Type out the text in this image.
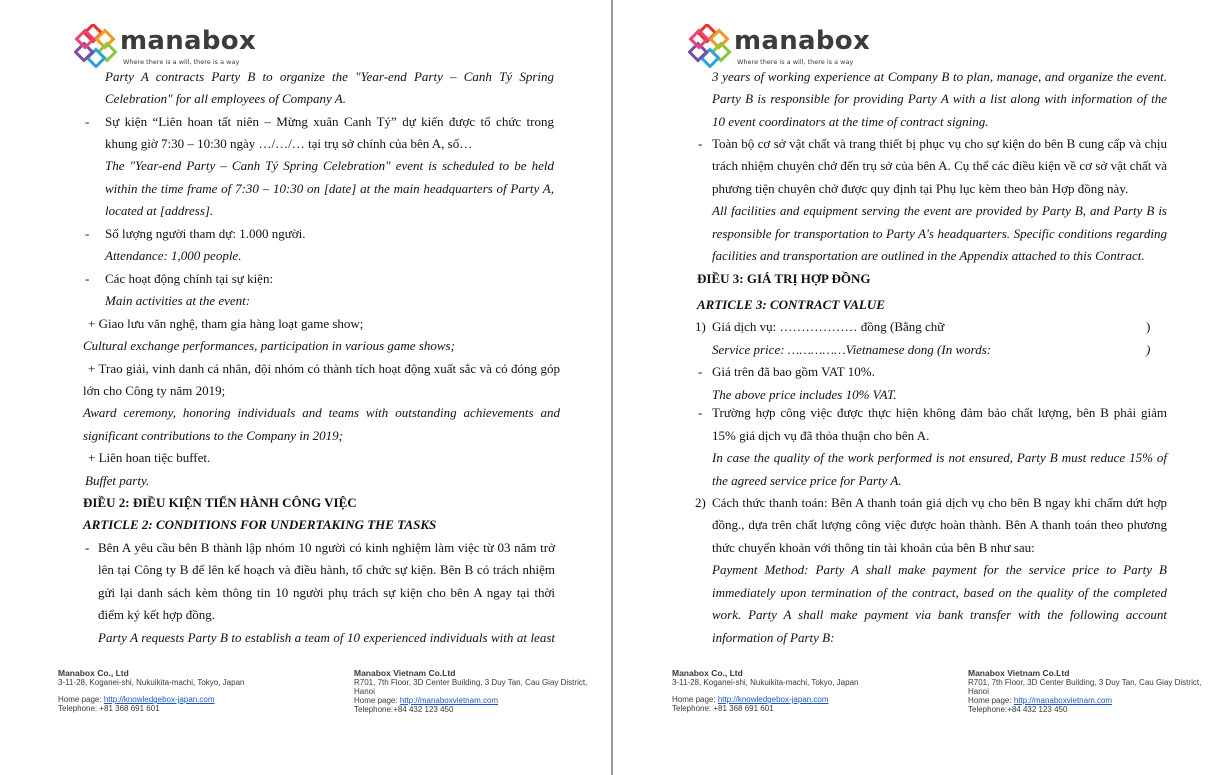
manabox
Where there is a will, there is a way
Party A contracts Party B to organize the "Year-end Party – Canh Tý Spring
Celebration" for all employees of Company A.
- Sự kiện “Liên hoan tất niên – Mừng xuân Canh Tý” dự kiến được tổ chức trong
khung giờ 7:30 – 10:30 ngày …/…/… tại trụ sở chính của bên A, số…
The "Year-end Party – Canh Tý Spring Celebration" event is scheduled to be held
within the time frame of 7:30 – 10:30 on [date] at the main headquarters of Party A,
located at [address].
- Số lượng người tham dự: 1.000 người.
Attendance: 1,000 people.
- Các hoạt động chính tại sự kiện:
Main activities at the event:
+ Giao lưu văn nghệ, tham gia hàng loạt game show;
Cultural exchange performances, participation in various game shows;
+ Trao giải, vinh danh cá nhân, đội nhóm có thành tích hoạt động xuất sắc và có đóng góp
lớn cho Công ty năm 2019;
Award ceremony, honoring individuals and teams with outstanding achievements and
significant contributions to the Company in 2019;
+ Liên hoan tiệc buffet.
Buffet party.
ĐIỀU 2: ĐIỀU KIỆN TIẾN HÀNH CÔNG VIỆC
ARTICLE 2: CONDITIONS FOR UNDERTAKING THE TASKS
- Bên A yêu cầu bên B thành lập nhóm 10 người có kinh nghiệm làm việc từ 03 năm trở
lên tại Công ty B để lên kế hoạch và điều hành, tổ chức sự kiện. Bên B có trách nhiệm
gửi lại danh sách kèm thông tin 10 người phụ trách sự kiện cho bên A ngay tại thời
điểm ký kết hợp đồng.
Party A requests Party B to establish a team of 10 experienced individuals with at least
Manabox Co., Ltd
3-11-28, Koganei-shi, Nukuikita-machi, Tokyo, Japan
Home page: http://knowledgebox-japan.com
Telephone: +81 368 691 601
Manabox Vietnam Co.Ltd
R701, 7th Floor, 3D Center Building, 3 Duy Tan, Cau Giay District,
Hanoi
Home page: http://manaboxvietnam.com
Telephone:+84 432 123 450
manabox
Where there is a will, there is a way
3 years of working experience at Company B to plan, manage, and organize the event.
Party B is responsible for providing Party A with a list along with information of the
10 event coordinators at the time of contract signing.
- Toàn bộ cơ sở vật chất và trang thiết bị phục vụ cho sự kiện do bên B cung cấp và chịu
trách nhiệm chuyên chở đến trụ sở của bên A. Cụ thể các điều kiện về cơ sở vật chất và
phương tiện chuyên chở được quy định tại Phụ lục kèm theo bản Hợp đồng này.
All facilities and equipment serving the event are provided by Party B, and Party B is
responsible for transportation to Party A's headquarters. Specific conditions regarding
facilities and transportation are outlined in the Appendix attached to this Contract.
ĐIỀU 3: GIÁ TRỊ HỢP ĐỒNG
ARTICLE 3: CONTRACT VALUE
1) Giá dịch vụ: ……………… đồng (Bằng chữ	)
Service price: ……………Vietnamese dong (In words:	)
- Giá trên đã bao gồm VAT 10%.
The above price includes 10% VAT.
- Trường hợp công việc được thực hiện không đảm bảo chất lượng, bên B phải giảm
15% giá dịch vụ đã thỏa thuận cho bên A.
In case the quality of the work performed is not ensured, Party B must reduce 15% of
the agreed service price for Party A.
2) Cách thức thanh toán: Bên A thanh toán giá dịch vụ cho bên B ngay khi chấm dứt hợp
đồng., dựa trên chất lượng công việc được hoàn thành. Bên A thanh toán theo phương
thức chuyển khoản với thông tin tài khoản của bên B như sau:
Payment Method: Party A shall make payment for the service price to Party B
immediately upon termination of the contract, based on the quality of the completed
work. Party A shall make payment via bank transfer with the following account
information of Party B:
Manabox Co., Ltd
3-11-28, Koganei-shi, Nukuikita-machi, Tokyo, Japan
Home page: http://knowledgebox-japan.com
Telephone: +81 368 691 601
Manabox Vietnam Co.Ltd
R701, 7th Floor, 3D Center Building, 3 Duy Tan, Cau Giay District,
Hanoi
Home page: http://manaboxvietnam.com
Telephone:+84 432 123 450
